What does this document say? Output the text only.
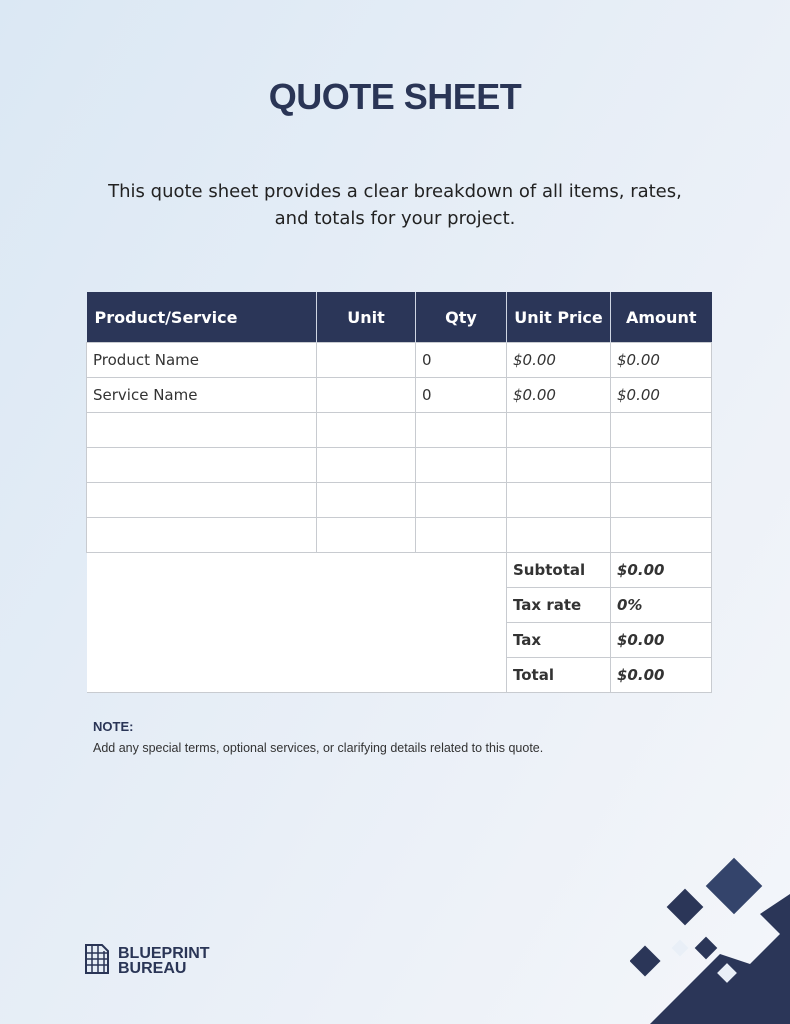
QUOTE SHEET
This quote sheet provides a clear breakdown of all items, rates, and totals for your project.
Product/Service	Unit	Qty	Unit Price	Amount
Product Name		0	$0.00	$0.00
Service Name		0	$0.00	$0.00

			Subtotal	$0.00
			Tax rate	0%
			Tax	$0.00
			Total	$0.00
NOTE:
Add any special terms, optional services, or clarifying details related to this quote.
BLUEPRINT
BUREAU
